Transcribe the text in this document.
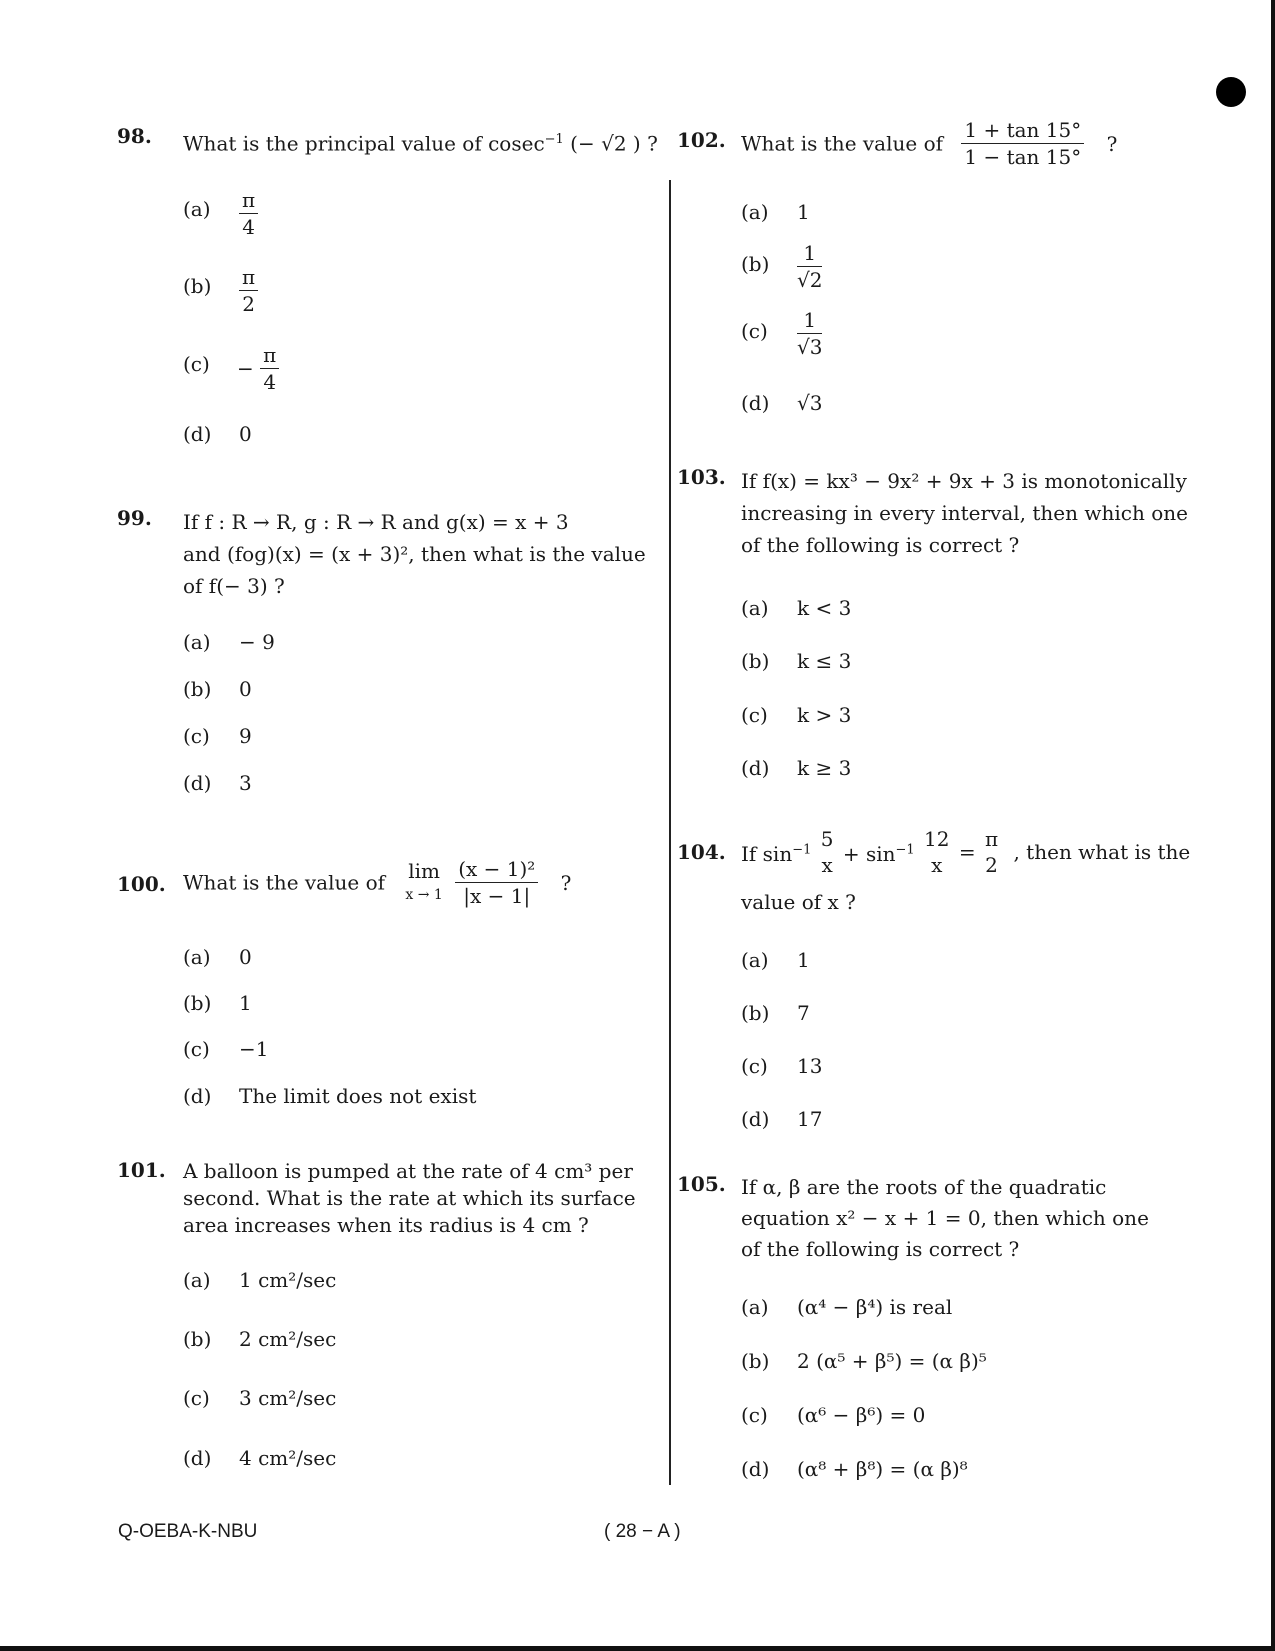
98. What is the principal value of cosec$^{-1}$ (− √2 ) ?
$(a) \frac{\pi}{4}$
$(b) \frac{\pi}{2}$
$(c) - \frac{\pi}{4}$
(d) 0
99. If f : R → R, g : R → R and g(x) = x + 3
and (fog)(x) = (x + 3)², then what is the value
of f(− 3) ?
(a) − 9
(b) 0
(c) 9
(d) 3
100. What is the value of lim
x → 1
$\frac{\text{(x − 1)²}}{|x - 1|}$ ?
(a) 0
(b) 1
(c) −1
(d) The limit does not exist
101. A balloon is pumped at the rate of 4 cm³ per
second. What is the rate at which its surface
area increases when its radius is 4 cm ?
(a) 1 cm²/sec
(b) 2 cm²/sec
(c) 3 cm²/sec
(d) 4 cm²/sec
102. What is the value of $\frac{1 + \tan 15^\circ}{1 - \tan 15^\circ}$ ?
(a) 1
$(b) \frac{1}{√2}$
$(c) \frac{1}{√3}$
(d) √3
103. If f(x) = kx³ − 9x² + 9x + 3 is monotonically
increasing in every interval, then which one
of the following is correct ?
(a) k < 3
(b) k ≤ 3
(c) k > 3
(d) k ≥ 3
104. If $\sin^{-1} 5$
$x + \sin^{-1} 12$
x
=
π
2
, then what is the
value of x ?
(a) 1
(b) 7
(c) 13
(d) 17
105. If α, β are the roots of the quadratic
equation x² − x + 1 = 0, then which one
of the following is correct ?
(a) (α⁴ − β⁴) is real
(b) 2 (α⁵ + β⁵) = (α β)⁵
(c) (α⁶ − β⁶) = 0
(d) (α⁸ + β⁸) = (α β)⁸
Q-OEBA-K-NBU	( 28 − A )
